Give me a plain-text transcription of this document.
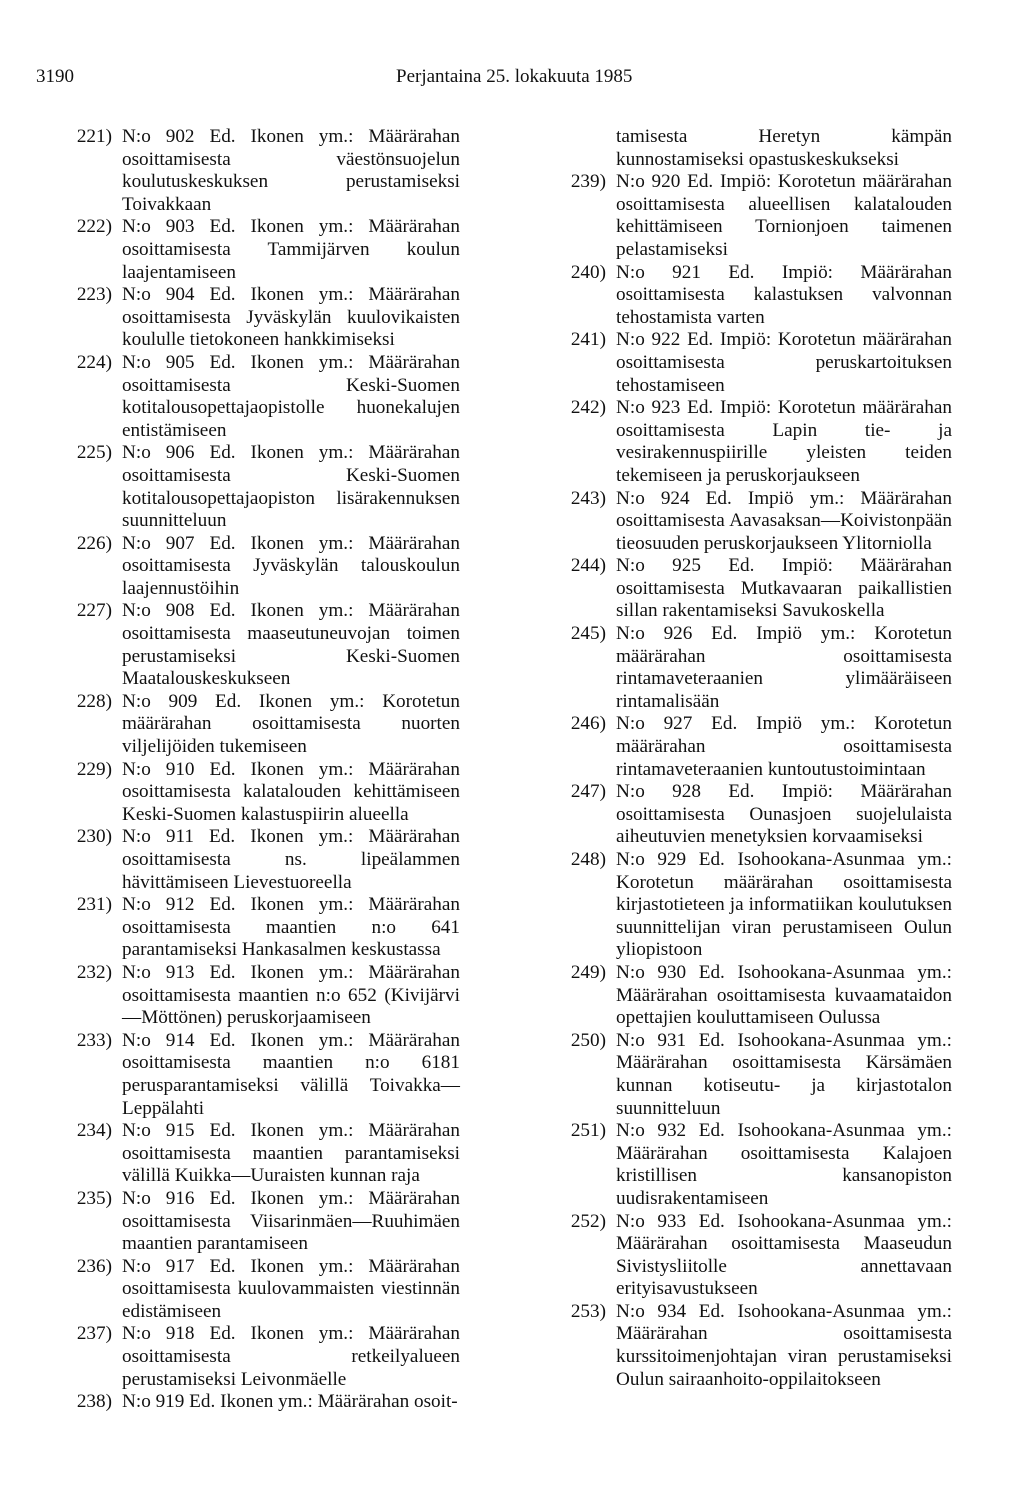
3190	Perjantaina 25. lokakuuta 1985

221) N:o 902 Ed. Ikonen ym.: Määrärahan osoittamisesta väestönsuojelun koulutuskeskuksen perustamiseksi Toivakkaan

222) N:o 903 Ed. Ikonen ym.: Määrärahan osoittamisesta Tammijärven koulun laajentamiseen

223) N:o 904 Ed. Ikonen ym.: Määrärahan osoittamisesta Jyväskylän kuulovikaisten koululle tietokoneen hankkimiseksi

224) N:o 905 Ed. Ikonen ym.: Määrärahan osoittamisesta Keski-Suomen kotitalousopettajaopistolle huonekalujen entistämiseen

225) N:o 906 Ed. Ikonen ym.: Määrärahan osoittamisesta Keski-Suomen kotitalousopettajaopiston lisärakennuksen suunnitteluun

226) N:o 907 Ed. Ikonen ym.: Määrärahan osoittamisesta Jyväskylän talouskoulun laajennustöihin

227) N:o 908 Ed. Ikonen ym.: Määrärahan osoittamisesta maaseutuneuvojan toimen perustamiseksi Keski-Suomen Maatalouskeskukseen

228) N:o 909 Ed. Ikonen ym.: Korotetun määrärahan osoittamisesta nuorten viljelijöiden tukemiseen

229) N:o 910 Ed. Ikonen ym.: Määrärahan osoittamisesta kalatalouden kehittämiseen Keski-Suomen kalastuspiirin alueella

230) N:o 911 Ed. Ikonen ym.: Määrärahan osoittamisesta ns. lipeälammen hävittämiseen Lievestuoreella

231) N:o 912 Ed. Ikonen ym.: Määrärahan osoittamisesta maantien n:o 641 parantamiseksi Hankasalmen keskustassa

232) N:o 913 Ed. Ikonen ym.: Määrärahan osoittamisesta maantien n:o 652 (Kivijärvi—Möttönen) peruskorjaamiseen

233) N:o 914 Ed. Ikonen ym.: Määrärahan osoittamisesta maantien n:o 6181 perusparantamiseksi välillä Toivakka—Leppälahti

234) N:o 915 Ed. Ikonen ym.: Määrärahan osoittamisesta maantien parantamiseksi välillä Kuikka—Uuraisten kunnan raja

235) N:o 916 Ed. Ikonen ym.: Määrärahan osoittamisesta Viisarinmäen—Ruuhimäen maantien parantamiseen

236) N:o 917 Ed. Ikonen ym.: Määrärahan osoittamisesta kuulovammaisten viestinnän edistämiseen

237) N:o 918 Ed. Ikonen ym.: Määrärahan osoittamisesta retkeilyalueen perustamiseksi Leivonmäelle

238) N:o 919 Ed. Ikonen ym.: Määrärahan osoit-

tamisesta Heretyn kämpän kunnostamiseksi opastuskeskukseksi

239) N:o 920 Ed. Impiö: Korotetun määrärahan osoittamisesta alueellisen kalatalouden kehittämiseen Tornionjoen taimenen pelastamiseksi

240) N:o 921 Ed. Impiö: Määrärahan osoittamisesta kalastuksen valvonnan tehostamista varten

241) N:o 922 Ed. Impiö: Korotetun määrärahan osoittamisesta peruskartoituksen tehostamiseen

242) N:o 923 Ed. Impiö: Korotetun määrärahan osoittamisesta Lapin tie- ja vesirakennuspiirille yleisten teiden tekemiseen ja peruskorjaukseen

243) N:o 924 Ed. Impiö ym.: Määrärahan osoittamisesta Aavasaksan—Koivistonpään tieosuuden peruskorjaukseen Ylitorniolla

244) N:o 925 Ed. Impiö: Määrärahan osoittamisesta Mutkavaaran paikallistien sillan rakentamiseksi Savukoskella

245) N:o 926 Ed. Impiö ym.: Korotetun määrärahan osoittamisesta rintamaveteraanien ylimääräiseen rintamalisään

246) N:o 927 Ed. Impiö ym.: Korotetun määrärahan osoittamisesta rintamaveteraanien kuntoutustoimintaan

247) N:o 928 Ed. Impiö: Määrärahan osoittamisesta Ounasjoen suojelulaista aiheutuvien menetyksien korvaamiseksi

248) N:o 929 Ed. Isohookana-Asunmaa ym.: Korotetun määrärahan osoittamisesta kirjastotieteen ja informatiikan koulutuksen suunnittelijan viran perustamiseen Oulun yliopistoon

249) N:o 930 Ed. Isohookana-Asunmaa ym.: Määrärahan osoittamisesta kuvaamataidon opettajien kouluttamiseen Oulussa

250) N:o 931 Ed. Isohookana-Asunmaa ym.: Määrärahan osoittamisesta Kärsämäen kunnan kotiseutu- ja kirjastotalon suunnitteluun

251) N:o 932 Ed. Isohookana-Asunmaa ym.: Määrärahan osoittamisesta Kalajoen kristillisen kansanopiston uudisrakentamiseen

252) N:o 933 Ed. Isohookana-Asunmaa ym.: Määrärahan osoittamisesta Maaseudun Sivistysliitolle annettavaan erityisavustukseen

253) N:o 934 Ed. Isohookana-Asunmaa ym.: Määrärahan osoittamisesta kurssitoimenjohtajan viran perustamiseksi Oulun sairaanhoito-oppilaitokseen
